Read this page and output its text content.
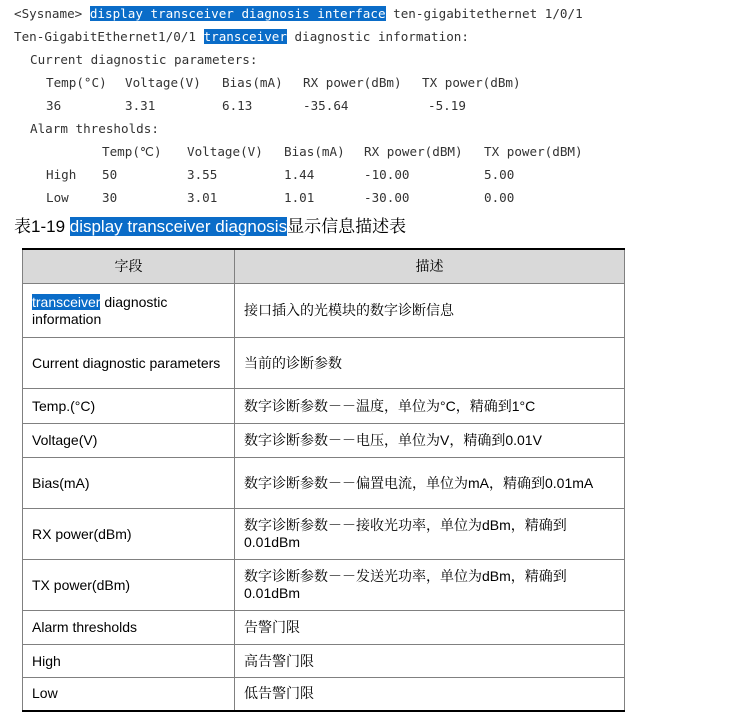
<Sysname> display transceiver diagnosis interface ten-gigabitethernet 1/0/1
Ten-GigabitEthernet1/0/1 transceiver diagnostic information:
Current diagnostic parameters:
Temp(°C) Voltage(V) Bias(mA) RX power(dBm) TX power(dBm)
36	3.31	6.13	-35.64	-5.19
Alarm thresholds:
Temp(℃) Voltage(V) Bias(mA) RX power(dBM) TX power(dBM)
High 50	3.55	1.44	-10.00	5.00
Low	30	3.01	1.01	-30.00	0.00
表1-19 display transceiver diagnosis显示信息描述表
字段	描述
transceiver diagnostic information	接口插入的光模块的数字诊断信息
Current diagnostic parameters	当前的诊断参数
Temp.(°C)	数字诊断参数－－温度，单位为°C，精确到1°C
Voltage(V)	数字诊断参数－－电压，单位为V，精确到0.01V
Bias(mA)	数字诊断参数－－偏置电流，单位为mA，精确到0.01mA
RX power(dBm)	数字诊断参数－－接收光功率，单位为dBm，精确到0.01dBm
TX power(dBm)	数字诊断参数－－发送光功率，单位为dBm，精确到0.01dBm
Alarm thresholds	告警门限
High	高告警门限
Low	低告警门限
